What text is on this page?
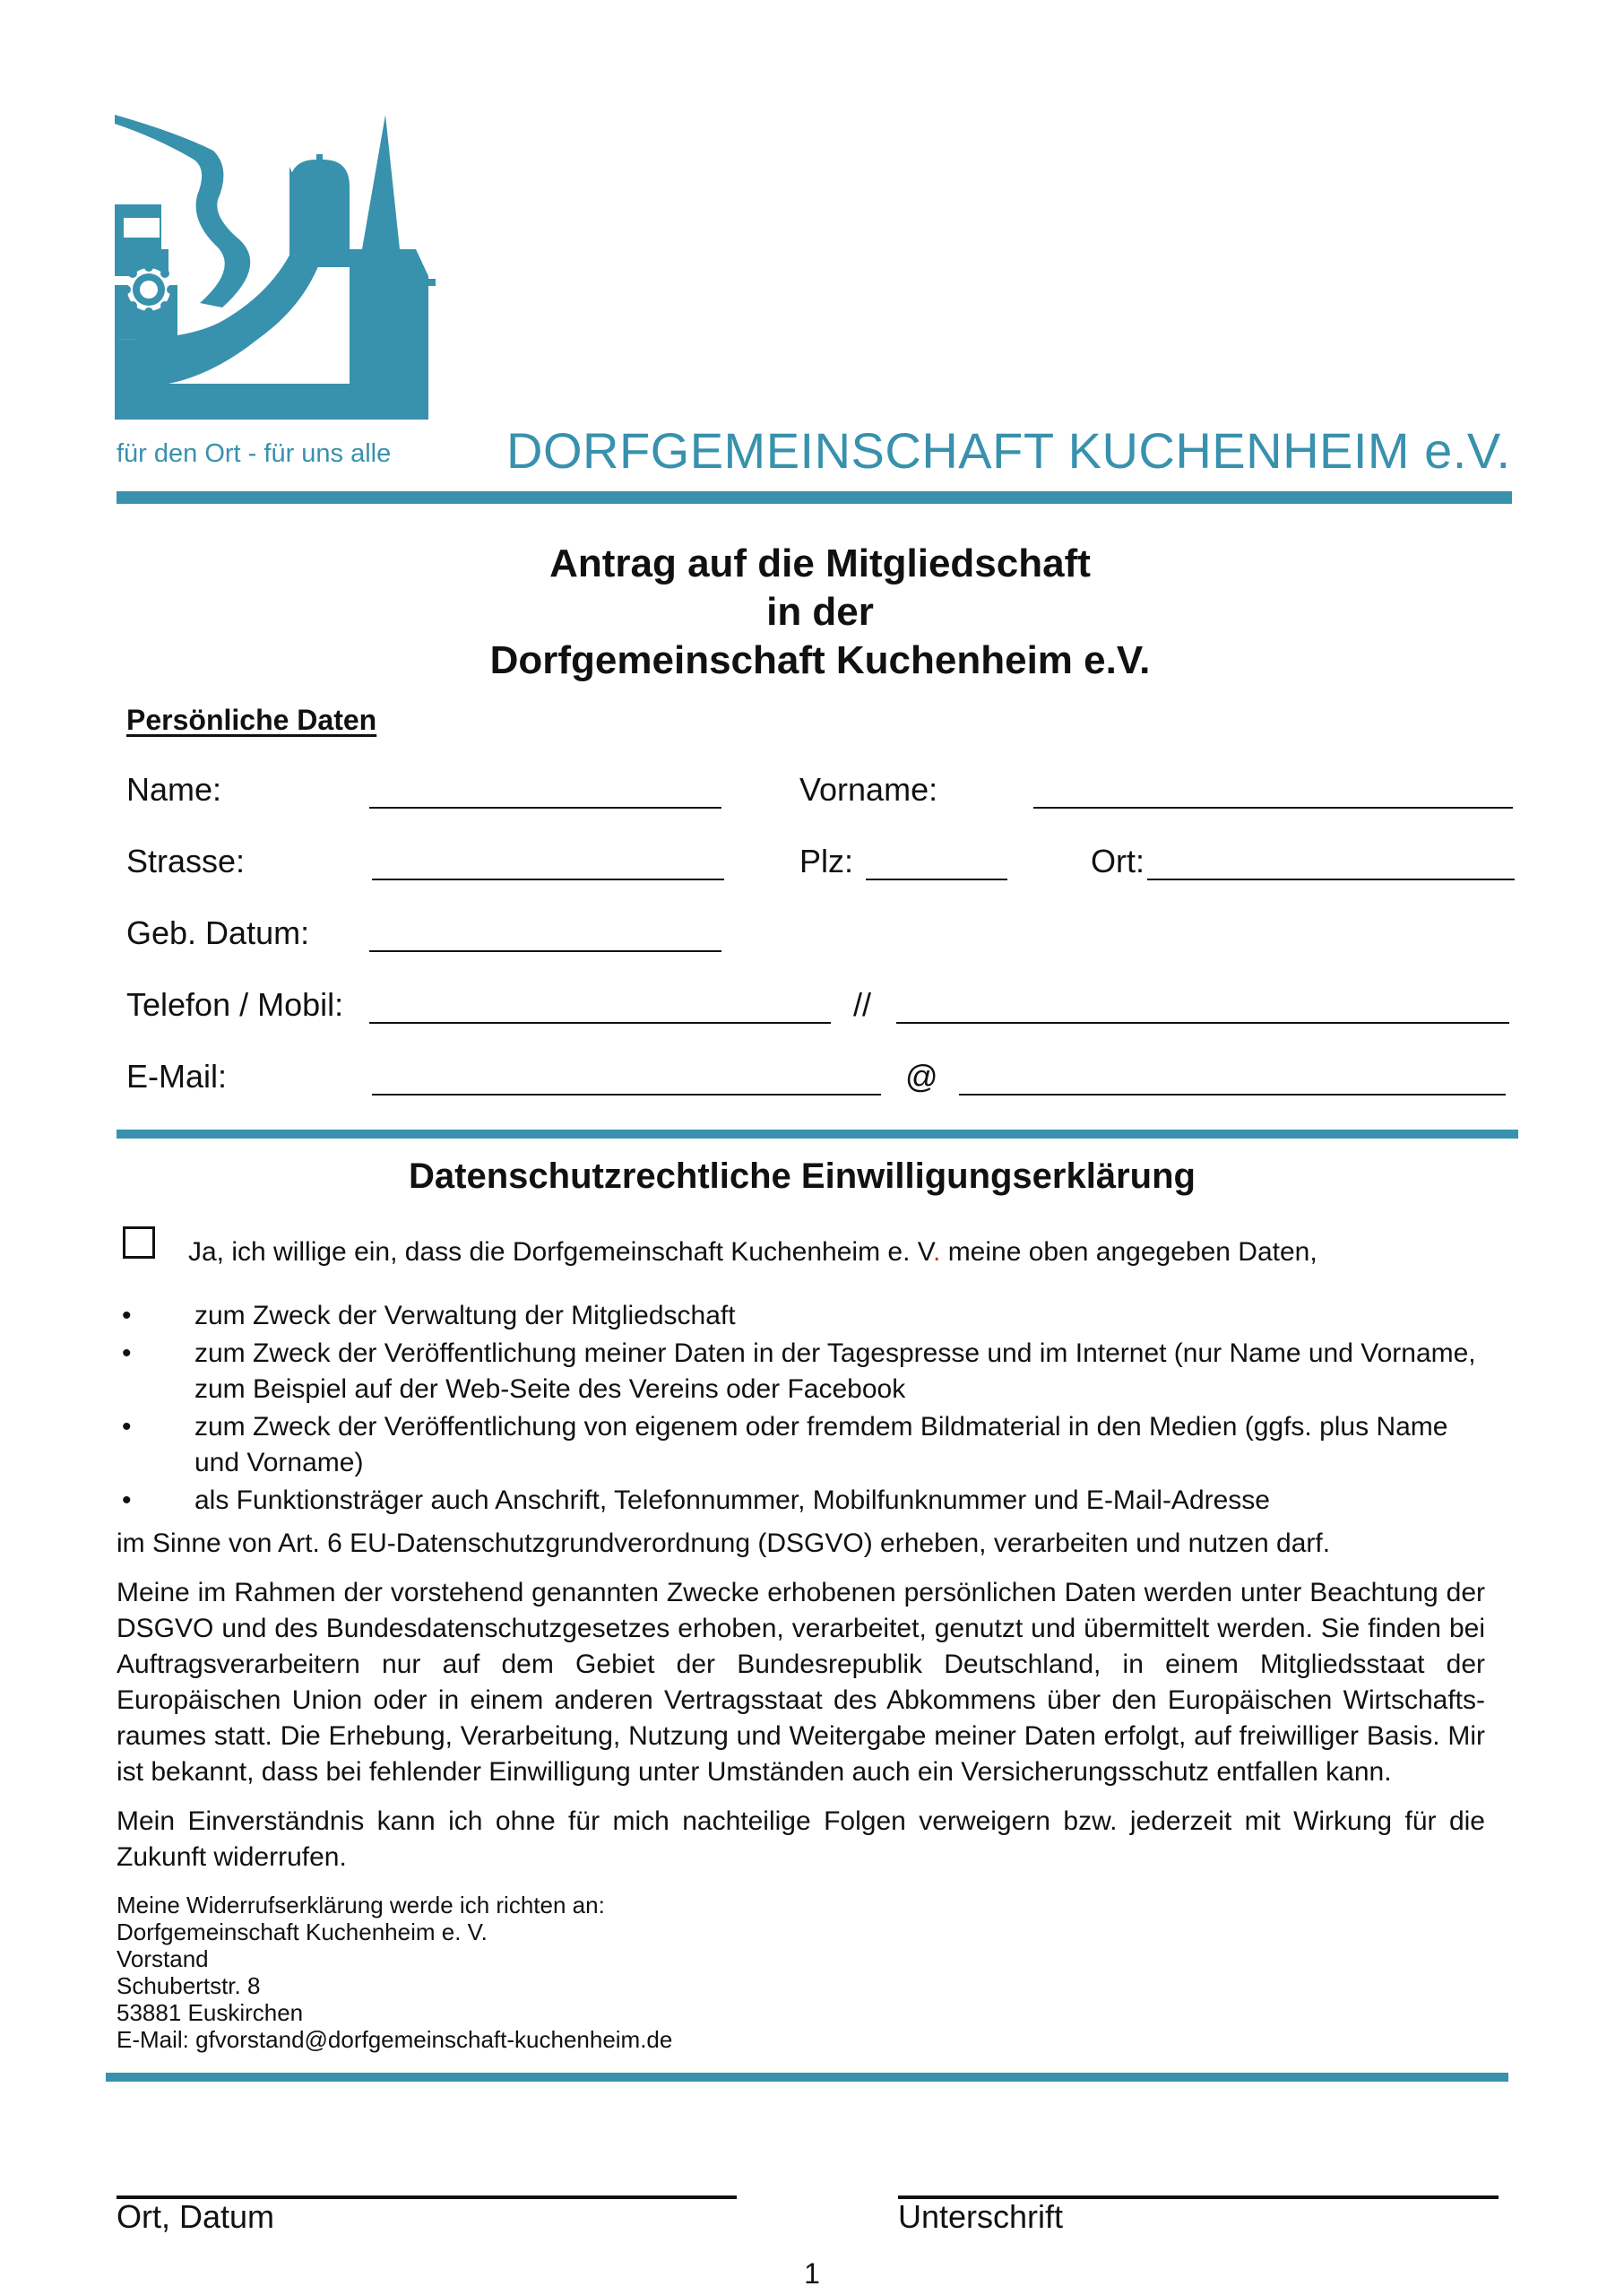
für den Ort - für uns alle DORFGEMEINSCHAFT KUCHENHEIM e.V.
Antrag auf die Mitgliedschaft
in der
Dorfgemeinschaft Kuchenheim e.V.
Persönliche Daten
Name:	Vorname:
Strasse:	Plz:	Ort:
Geb. Datum:
Telefon / Mobil:	//
E-Mail:	@
Datenschutzrechtliche Einwilligungserklärung
Ja, ich willige ein, dass die Dorfgemeinschaft Kuchenheim e. V. meine oben angegeben Daten,
• zum Zweck der Verwaltung der Mitgliedschaft
• zum Zweck der Veröffentlichung meiner Daten in der Tagespresse und im Internet (nur Name und Vorname, zum Beispiel auf der Web-Seite des Vereins oder Facebook
• zum Zweck der Veröffentlichung von eigenem oder fremdem Bildmaterial in den Medien (ggfs. plus Name und Vorname)
• als Funktionsträger auch Anschrift, Telefonnummer, Mobilfunknummer und E-Mail-Adresse
im Sinne von Art. 6 EU-Datenschutzgrundverordnung (DSGVO) erheben, verarbeiten und nutzen darf.
Meine im Rahmen der vorstehend genannten Zwecke erhobenen persönlichen Daten werden unter Beachtung der DSGVO und des Bundesdatenschutzgesetzes erhoben, verarbeitet, genutzt und übermittelt werden. Sie finden bei Auftragsverarbeitern nur auf dem Gebiet der Bundesrepublik Deutschland, in einem Mitgliedsstaat der Europäischen Union oder in einem anderen Vertragsstaat des Abkommens über den Europäischen Wirtschaftsraumes statt. Die Erhebung, Verarbeitung, Nutzung und Weitergabe meiner Daten erfolgt, auf freiwilliger Basis. Mir ist bekannt, dass bei fehlender Einwilligung unter Umständen auch ein Versicherungsschutz entfallen kann.
Mein Einverständnis kann ich ohne für mich nachteilige Folgen verweigern bzw. jederzeit mit Wirkung für die Zukunft widerrufen.
Meine Widerrufserklärung werde ich richten an:
Dorfgemeinschaft Kuchenheim e. V.
Vorstand
Schubertstr. 8
53881 Euskirchen
E-Mail: gfvorstand@dorfgemeinschaft-kuchenheim.de
Ort, Datum	Unterschrift
1
